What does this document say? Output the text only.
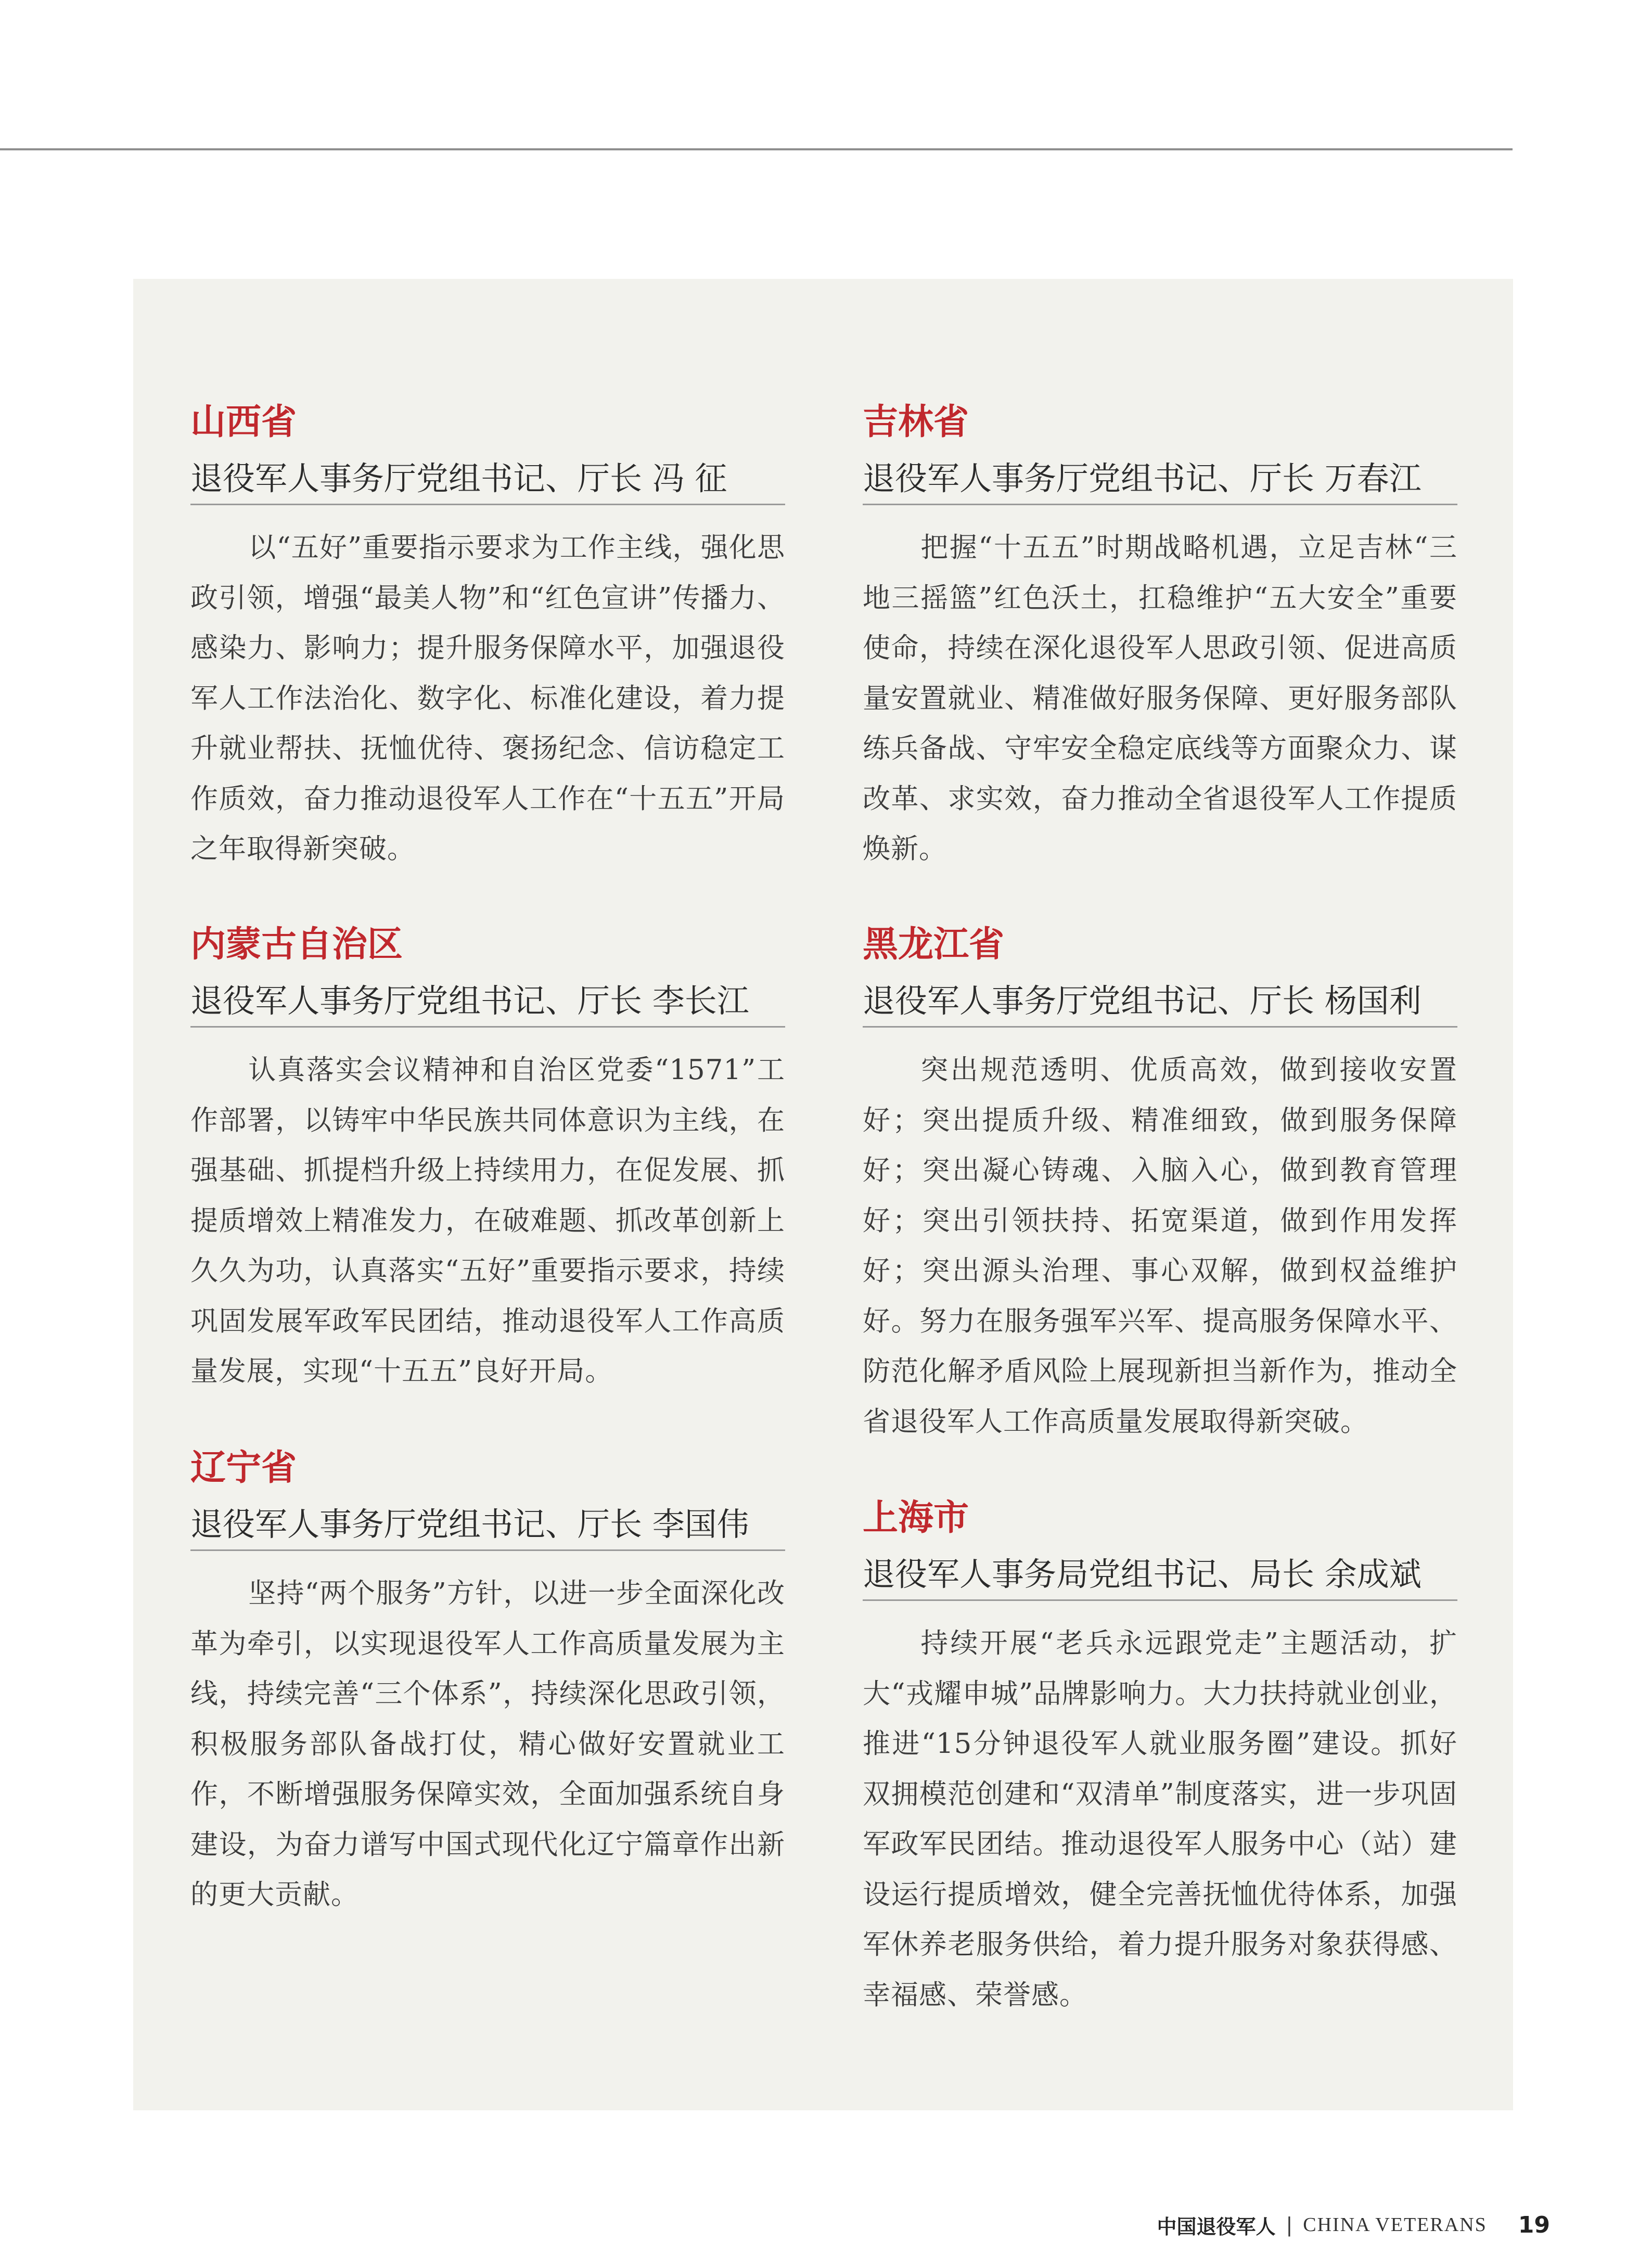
山西省
退役军人事务厅党组书记、厅长 冯 征
以“五好”重要指示要求为工作主线，强化思政引领，增强“最美人物”和“红色宣讲”传播力、感染力、影响力；提升服务保障水平，加强退役军人工作法治化、数字化、标准化建设，着力提升就业帮扶、抚恤优待、褒扬纪念、信访稳定工作质效，奋力推动退役军人工作在“十五五”开局之年取得新突破。
内蒙古自治区
退役军人事务厅党组书记、厅长 李长江
认真落实会议精神和自治区党委“1571”工作部署，以铸牢中华民族共同体意识为主线，在强基础、抓提档升级上持续用力，在促发展、抓提质增效上精准发力，在破难题、抓改革创新上久久为功，认真落实“五好”重要指示要求，持续巩固发展军政军民团结，推动退役军人工作高质量发展，实现“十五五”良好开局。
辽宁省
退役军人事务厅党组书记、厅长 李国伟
坚持“两个服务”方针，以进一步全面深化改革为牵引，以实现退役军人工作高质量发展为主线，持续完善“三个体系”，持续深化思政引领，积极服务部队备战打仗，精心做好安置就业工作，不断增强服务保障实效，全面加强系统自身建设，为奋力谱写中国式现代化辽宁篇章作出新的更大贡献。
吉林省
退役军人事务厅党组书记、厅长 万春江
把握“十五五”时期战略机遇，立足吉林“三地三摇篮”红色沃土，扛稳维护“五大安全”重要使命，持续在深化退役军人思政引领、促进高质量安置就业、精准做好服务保障、更好服务部队练兵备战、守牢安全稳定底线等方面聚众力、谋改革、求实效，奋力推动全省退役军人工作提质焕新。
黑龙江省
退役军人事务厅党组书记、厅长 杨国利
突出规范透明、优质高效，做到接收安置好；突出提质升级、精准细致，做到服务保障好；突出凝心铸魂、入脑入心，做到教育管理好；突出引领扶持、拓宽渠道，做到作用发挥好；突出源头治理、事心双解，做到权益维护好。努力在服务强军兴军、提高服务保障水平、防范化解矛盾风险上展现新担当新作为，推动全省退役军人工作高质量发展取得新突破。
上海市
退役军人事务局党组书记、局长 余成斌
持续开展“老兵永远跟党走”主题活动，扩大“戎耀申城”品牌影响力。大力扶持就业创业，推进“15分钟退役军人就业服务圈”建设。抓好双拥模范创建和“双清单”制度落实，进一步巩固军政军民团结。推动退役军人服务中心（站）建设运行提质增效，健全完善抚恤优待体系，加强军休养老服务供给，着力提升服务对象获得感、幸福感、荣誉感。
中国退役军人 | CHINA VETERANS 19
